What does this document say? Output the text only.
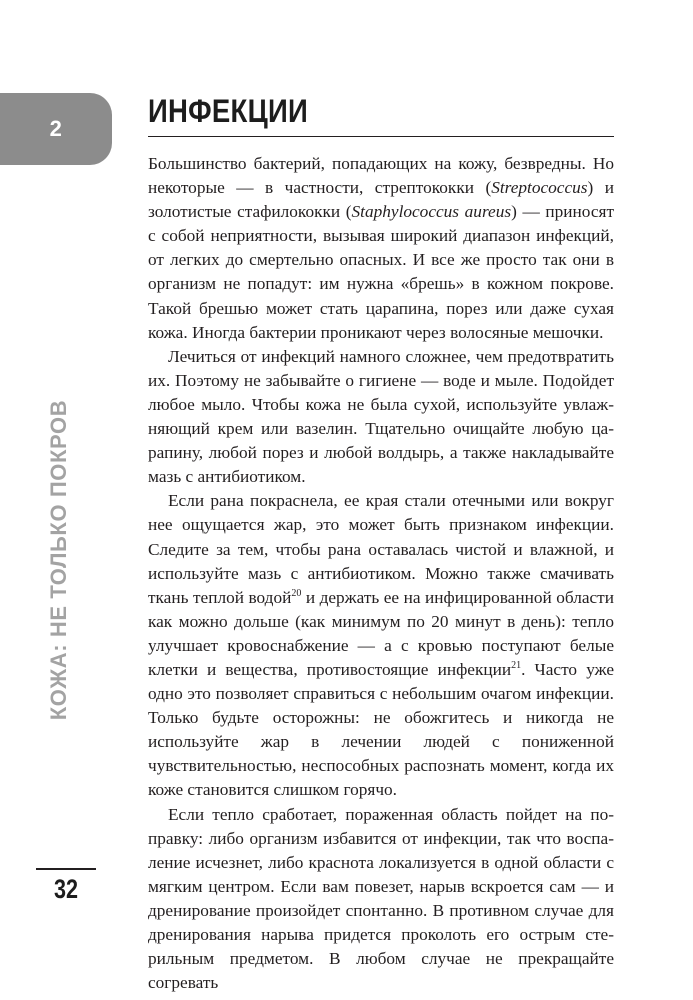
2	ИНФЕКЦИИ

Большинство бактерий, попадающих на кожу, безвредны. Но некоторые — в частности, стрептококки (Streptococcus) и золотистые стафилококки (Staphylococcus aureus) — приносят с собой неприятности, вызывая широкий диапазон инфекций, от легких до смертельно опасных. И все же просто так они в организм не попадут: им нужна «брешь» в кожном покрове. Такой брешью может стать царапина, порез или даже сухая кожа. Иногда бактерии проникают через волосяные мешочки.

Лечиться от инфекций намного сложнее, чем предотвратить их. Поэтому не забывайте о гигиене — воде и мыле. Подойдет любое мыло. Чтобы кожа не была сухой, используйте увлажняющий крем или вазелин. Тщательно очищайте любую царапину, любой порез и любой волдырь, а также накладывайте мазь с антибиотиком.

Если рана покраснела, ее края стали отечными или вокруг нее ощущается жар, это может быть признаком инфекции. Следите за тем, чтобы рана оставалась чистой и влажной, и используйте мазь с антибиотиком. Можно также смачивать ткань теплой водой$^{20}$ и держать ее на инфицированной области как можно дольше (как минимум по 20 минут в день): тепло улучшает кровоснабжение — а с кровью поступают белые клетки и вещества, противостоящие инфекции$^{21}$. Часто уже одно это позволяет справиться с небольшим очагом инфекции. Только будьте осторожны: не обожгитесь и никогда не используйте жар в лечении людей с пониженной чувствительностью, неспособных распознать момент, когда их коже становится слишком горячо.

Если тепло сработает, пораженная область пойдет на поправку: либо организм избавится от инфекции, так что воспаление исчезнет, либо краснота локализуется в одной области с мягким центром. Если вам повезет, нарыв вскроется сам — и дренирование произойдет спонтанно. В противном случае для дренирования нарыва придется проколоть его острым стерильным предметом. В любом случае не прекращайте согревать

КОЖА: НЕ ТОЛЬКО ПОКРОВ
32
